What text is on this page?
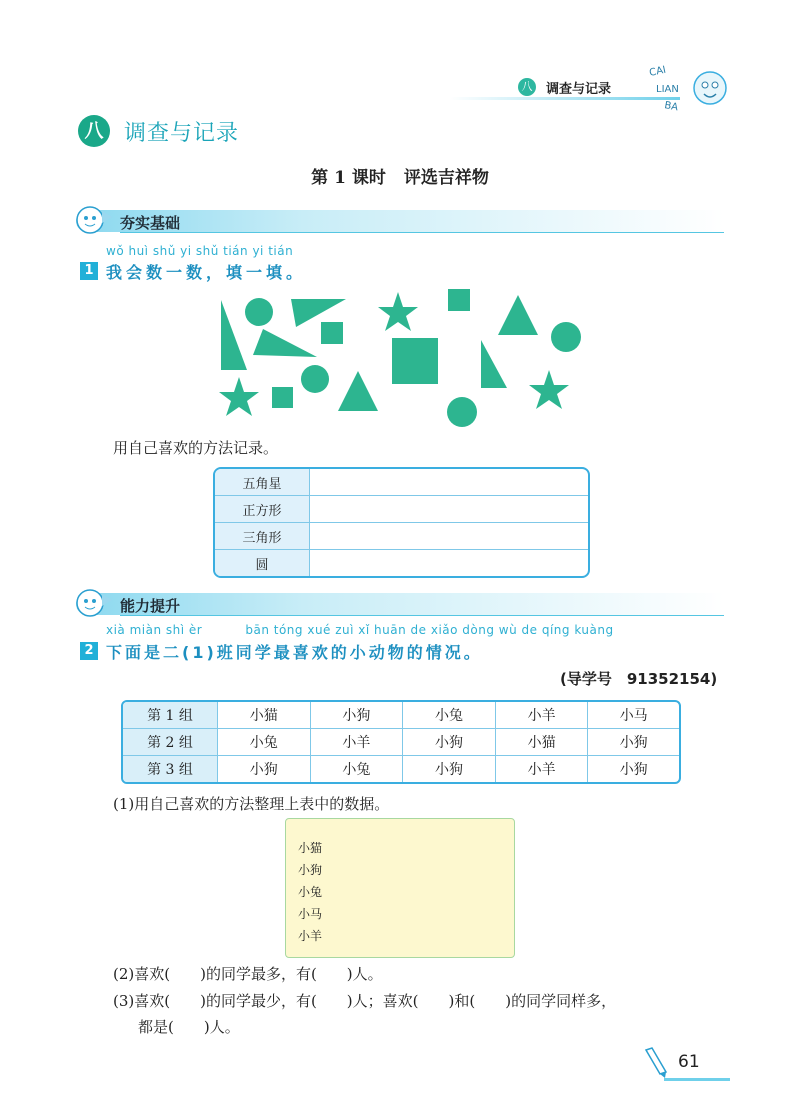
八 调查与记录
CAI
LIAN
BA
八 调查与记录
第 1 课时 评选吉祥物
夯实基础
wǒ huì shǔ yi shǔ tián yi tián
1 我会数一数，填一填。
用自己喜欢的方法记录。
五角星	
正方形	
三角形	
圆	
能力提升
xià miàn shì èr          bān tóng xué zuì xǐ huān de xiǎo dòng wù de qíng kuàng
2 下面是二(1)班同学最喜欢的小动物的情况。
(导学号　91352154)
第 1 组	小猫	小狗	小兔	小羊	小马
第 2 组	小兔	小羊	小狗	小猫	小狗
第 3 组	小狗	小兔	小狗	小羊	小狗
(1)用自己喜欢的方法整理上表中的数据。
小猫
小狗
小兔
小马
小羊
(2)喜欢(　　)的同学最多，有(　　)人。
(3)喜欢(　　)的同学最少，有(　　)人；喜欢(　　)和(　　)的同学同样多，
都是(　　)人。
61
